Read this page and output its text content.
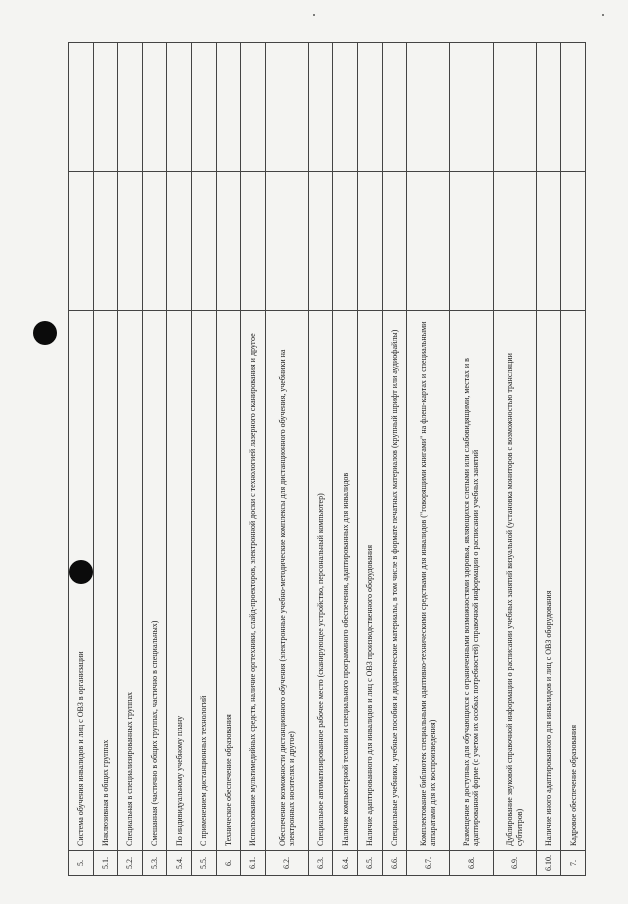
5.	Система обучения инвалидов и лиц с ОВЗ в организации		
5.1.	Инклюзивная в общих группах		
5.2.	Специальная в специализированных группах		
5.3.	Смешанная (частично в общих группах, частично в специальных)		
5.4.	По индивидуальному учебному плану		
5.5.	С применением дистанционных технологий		
6.	Техническое обеспечение образования		
6.1.	Использование мультимедийных средств, наличие оргтехники, слайд-проекторов, электронной доски с технологией лазерного сканирования и другое		
6.2.	Обеспечение возможности дистанционного обучения (электронные учебно-методические комплексы для дистанционного обучения, учебники на электронных носителях и другое)		
6.3.	Специальное автоматизированное рабочее место (сканирующее устройство, персональный компьютер)		
6.4.	Наличие компьютерной техники и специального программного обеспечения, адаптированных для инвалидов		
6.5.	Наличие адаптированного для инвалидов и лиц с ОВЗ производственного оборудования		
6.6.	Специальные учебники, учебные пособия и дидактические материалы, в том числе в формате печатных материалов (крупный шрифт или аудиофайлы)		
6.7.	Комплектование библиотек специальными адаптивно-техническими средствами для инвалидов ("говорящими книгами" на флеш-картах и специальными аппаратами для их воспроизведения)		
6.8.	Размещение в доступных для обучающихся с ограниченными возможностями здоровья, являющихся слепыми или слабовидящими, местах и в адаптированной форме (с учетом их особых потребностей) справочной информации о расписании учебных занятий		
6.9.	Дублирование звуковой справочной информации о расписании учебных занятий визуальной (установка мониторов с возможностью трансляции субтитров)		
6.10.	Наличие иного адаптированного для инвалидов и лиц с ОВЗ оборудования		
7.	Кадровое обеспечение образования		
